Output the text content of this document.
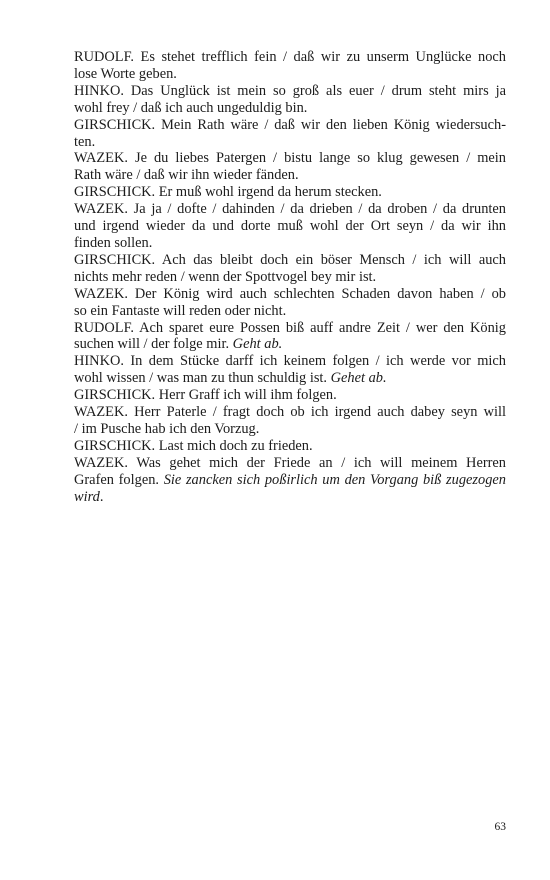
RUDOLF. Es stehet trefflich fein / daß wir zu unserm Unglücke noch
lose Worte geben.
HINKO. Das Unglück ist mein so groß als euer / drum steht mirs ja
wohl frey / daß ich auch ungeduldig bin.
GIRSCHICK. Mein Rath wäre / daß wir den lieben König wiedersuch-
ten.
WAZEK. Je du liebes Patergen / bistu lange so klug gewesen / mein
Rath wäre / daß wir ihn wieder fänden.
GIRSCHICK. Er muß wohl irgend da herum stecken.
WAZEK. Ja ja / dofte / dahinden / da drieben / da droben / da drunten
und irgend wieder da und dorte muß wohl der Ort seyn / da wir ihn
finden sollen.
GIRSCHICK. Ach das bleibt doch ein böser Mensch / ich will auch
nichts mehr reden / wenn der Spottvogel bey mir ist.
WAZEK. Der König wird auch schlechten Schaden davon haben / ob
so ein Fantaste will reden oder nicht.
RUDOLF. Ach sparet eure Possen biß auff andre Zeit / wer den König
suchen will / der folge mir. Geht ab.
HINKO. In dem Stücke darff ich keinem folgen / ich werde vor mich
wohl wissen / was man zu thun schuldig ist. Gehet ab.
GIRSCHICK. Herr Graff ich will ihm folgen.
WAZEK. Herr Paterle / fragt doch ob ich irgend auch dabey seyn will
/ im Pusche hab ich den Vorzug.
GIRSCHICK. Last mich doch zu frieden.
WAZEK. Was gehet mich der Friede an / ich will meinem Herren
Grafen folgen. Sie zancken sich poßirlich um den Vorgang biß zugezogen
wird.
63
